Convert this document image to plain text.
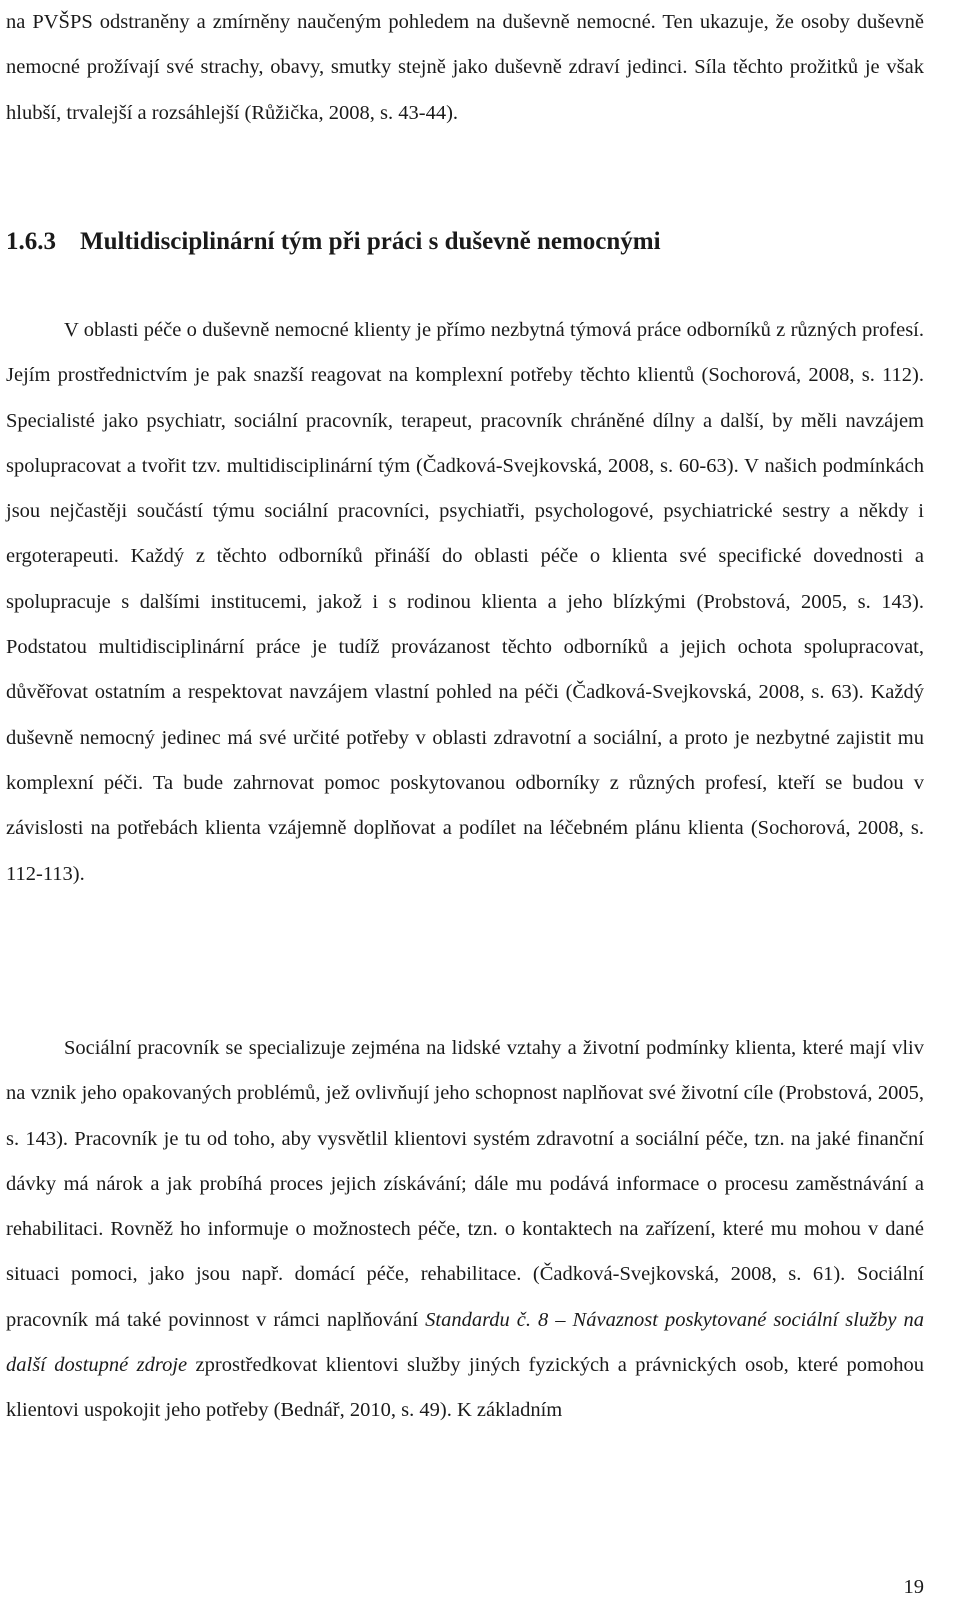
na PVŠPS odstraněny a zmírněny naučeným pohledem na duševně nemocné. Ten ukazuje, že osoby duševně nemocné prožívají své strachy, obavy, smutky stejně jako duševně zdraví jedinci. Síla těchto prožitků je však hlubší, trvalejší a rozsáhlejší (Růžička, 2008, s. 43-44).

1.6.3 Multidisciplinární tým při práci s duševně nemocnými

V oblasti péče o duševně nemocné klienty je přímo nezbytná týmová práce odborníků z různých profesí. Jejím prostřednictvím je pak snazší reagovat na komplexní potřeby těchto klientů (Sochorová, 2008, s. 112). Specialisté jako psychiatr, sociální pracovník, terapeut, pracovník chráněné dílny a další, by měli navzájem spolupracovat a tvořit tzv. multidisciplinární tým (Čadková-Svejkovská, 2008, s. 60-63). V našich podmínkách jsou nejčastěji součástí týmu sociální pracovníci, psychiatři, psychologové, psychiatrické sestry a někdy i ergoterapeuti. Každý z těchto odborníků přináší do oblasti péče o klienta své specifické dovednosti a spolupracuje s dalšími institucemi, jakož i s rodinou klienta a jeho blízkými (Probstová, 2005, s. 143). Podstatou multidisciplinární práce je tudíž provázanost těchto odborníků a jejich ochota spolupracovat, důvěřovat ostatním a respektovat navzájem vlastní pohled na péči (Čadková-Svejkovská, 2008, s. 63). Každý duševně nemocný jedinec má své určité potřeby v oblasti zdravotní a sociální, a proto je nezbytné zajistit mu komplexní péči. Ta bude zahrnovat pomoc poskytovanou odborníky z různých profesí, kteří se budou v závislosti na potřebách klienta vzájemně doplňovat a podílet na léčebném plánu klienta (Sochorová, 2008, s. 112-113).

Sociální pracovník se specializuje zejména na lidské vztahy a životní podmínky klienta, které mají vliv na vznik jeho opakovaných problémů, jež ovlivňují jeho schopnost naplňovat své životní cíle (Probstová, 2005, s. 143). Pracovník je tu od toho, aby vysvětlil klientovi systém zdravotní a sociální péče, tzn. na jaké finanční dávky má nárok a jak probíhá proces jejich získávání; dále mu podává informace o procesu zaměstnávání a rehabilitaci. Rovněž ho informuje o možnostech péče, tzn. o kontaktech na zařízení, které mu mohou v dané situaci pomoci, jako jsou např. domácí péče, rehabilitace. (Čadková-Svejkovská, 2008, s. 61). Sociální pracovník má také povinnost v rámci naplňování Standardu č. 8 – Návaznost poskytované sociální služby na další dostupné zdroje zprostředkovat klientovi služby jiných fyzických a právnických osob, které pomohou klientovi uspokojit jeho potřeby (Bednář, 2010, s. 49). K základním

19
